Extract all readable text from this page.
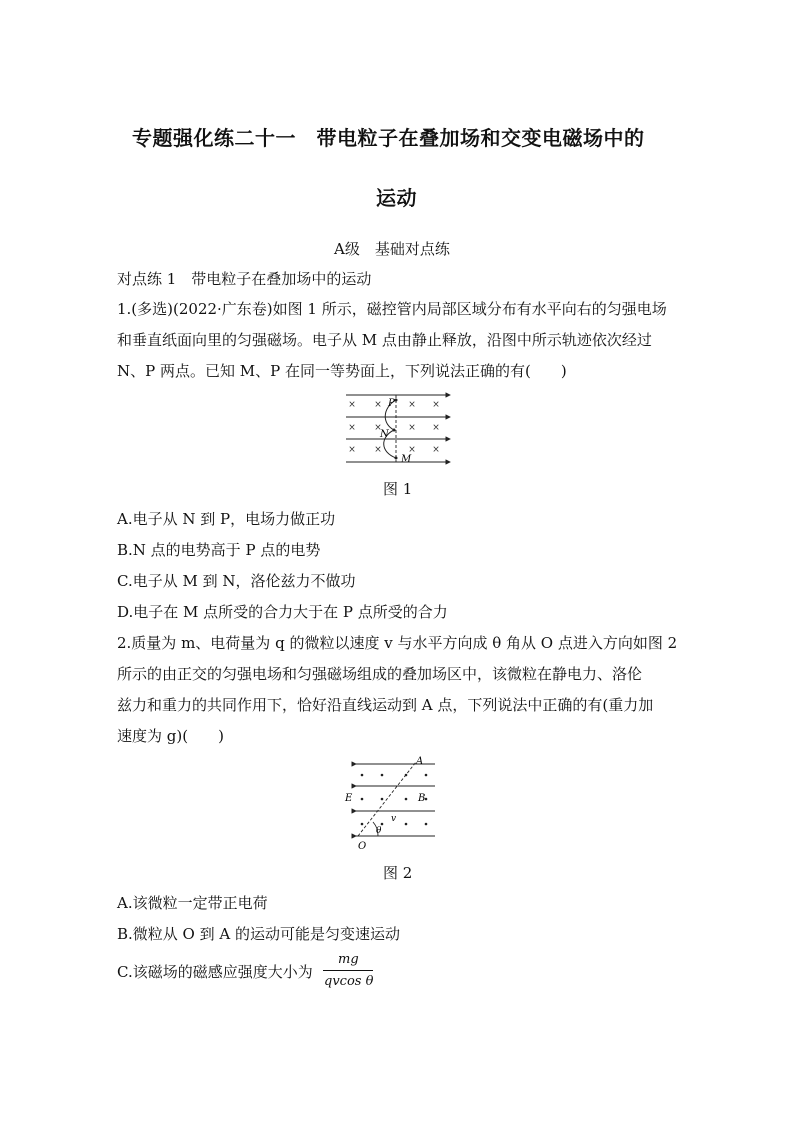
专题强化练二十一　带电粒子在叠加场和交变电磁场中的
运动
A级　基础对点练
对点练 1　带电粒子在叠加场中的运动
1.(多选)(2022·广东卷)如图 1 所示，磁控管内局部区域分布有水平向右的匀强电场
和垂直纸面向里的匀强磁场。电子从 M 点由静止释放，沿图中所示轨迹依次经过
N、P 两点。已知 M、P 在同一等势面上，下列说法正确的有(　　)
× ×	× ×
× ×	× ×
× ×	× ×
P
N
M
图 1
A.电子从 N 到 P，电场力做正功
B.N 点的电势高于 P 点的电势
C.电子从 M 到 N，洛伦兹力不做功
D.电子在 M 点所受的合力大于在 P 点所受的合力
2.质量为 m、电荷量为 q 的微粒以速度 v 与水平方向成 θ 角从 O 点进入方向如图 2
所示的由正交的匀强电场和匀强磁场组成的叠加场区中，该微粒在静电力、洛伦
兹力和重力的共同作用下，恰好沿直线运动到 A 点，下列说法中正确的有(重力加
速度为 g)(　　)
A
E	B
v
θ
O
图 2
A.该微粒一定带正电荷
B.微粒从 O 到 A 的运动可能是匀变速运动
C.该磁场的磁感应强度大小为
mg
qvcos θ
